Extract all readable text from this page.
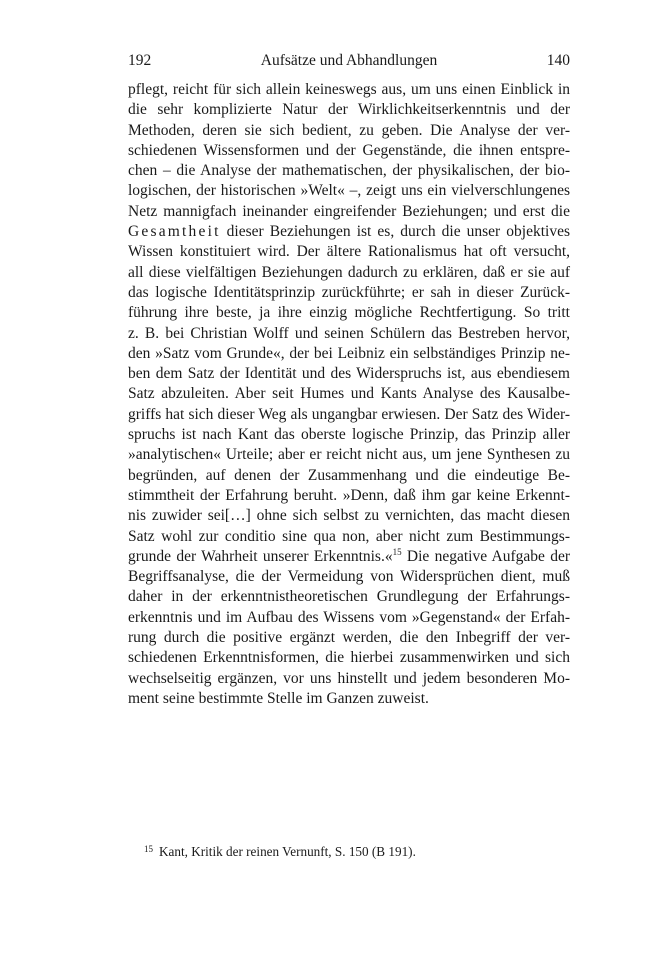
192	Aufsätze und Abhandlungen	140
pflegt, reicht für sich allein keineswegs aus, um uns einen Einblick in
die sehr komplizierte Natur der Wirklichkeitserkenntnis und der
Methoden, deren sie sich bedient, zu geben. Die Analyse der ver-
schiedenen Wissensformen und der Gegenstände, die ihnen entspre-
chen – die Analyse der mathematischen, der physikalischen, der bio-
logischen, der historischen »Welt« –, zeigt uns ein vielverschlungenes
Netz mannigfach ineinander eingreifender Beziehungen; und erst die
Gesamtheit dieser Beziehungen ist es, durch die unser objektives
Wissen konstituiert wird. Der ältere Rationalismus hat oft versucht,
all diese vielfältigen Beziehungen dadurch zu erklären, daß er sie auf
das logische Identitätsprinzip zurückführte; er sah in dieser Zurück-
führung ihre beste, ja ihre einzig mögliche Rechtfertigung. So tritt
z. B. bei Christian Wolff und seinen Schülern das Bestreben hervor,
den »Satz vom Grunde«, der bei Leibniz ein selbständiges Prinzip ne-
ben dem Satz der Identität und des Widerspruchs ist, aus ebendiesem
Satz abzuleiten. Aber seit Humes und Kants Analyse des Kausalbe-
griffs hat sich dieser Weg als ungangbar erwiesen. Der Satz des Wider-
spruchs ist nach Kant das oberste logische Prinzip, das Prinzip aller
»analytischen« Urteile; aber er reicht nicht aus, um jene Synthesen zu
begründen, auf denen der Zusammenhang und die eindeutige Be-
stimmtheit der Erfahrung beruht. »Denn, daß ihm gar keine Erkennt-
nis zuwider sei[…] ohne sich selbst zu vernichten, das macht diesen
Satz wohl zur conditio sine qua non, aber nicht zum Bestimmungs-
grunde der Wahrheit unserer Erkenntnis.«$^{15}$ Die negative Aufgabe der
Begriffsanalyse, die der Vermeidung von Widersprüchen dient, muß
daher in der erkenntnistheoretischen Grundlegung der Erfahrungs-
erkenntnis und im Aufbau des Wissens vom »Gegenstand« der Erfah-
rung durch die positive ergänzt werden, die den Inbegriff der ver-
schiedenen Erkenntnisformen, die hierbei zusammenwirken und sich
wechselseitig ergänzen, vor uns hinstellt und jedem besonderen Mo-
ment seine bestimmte Stelle im Ganzen zuweist.
$^{15}$ Kant, Kritik der reinen Vernunft, S. 150 (B 191).
